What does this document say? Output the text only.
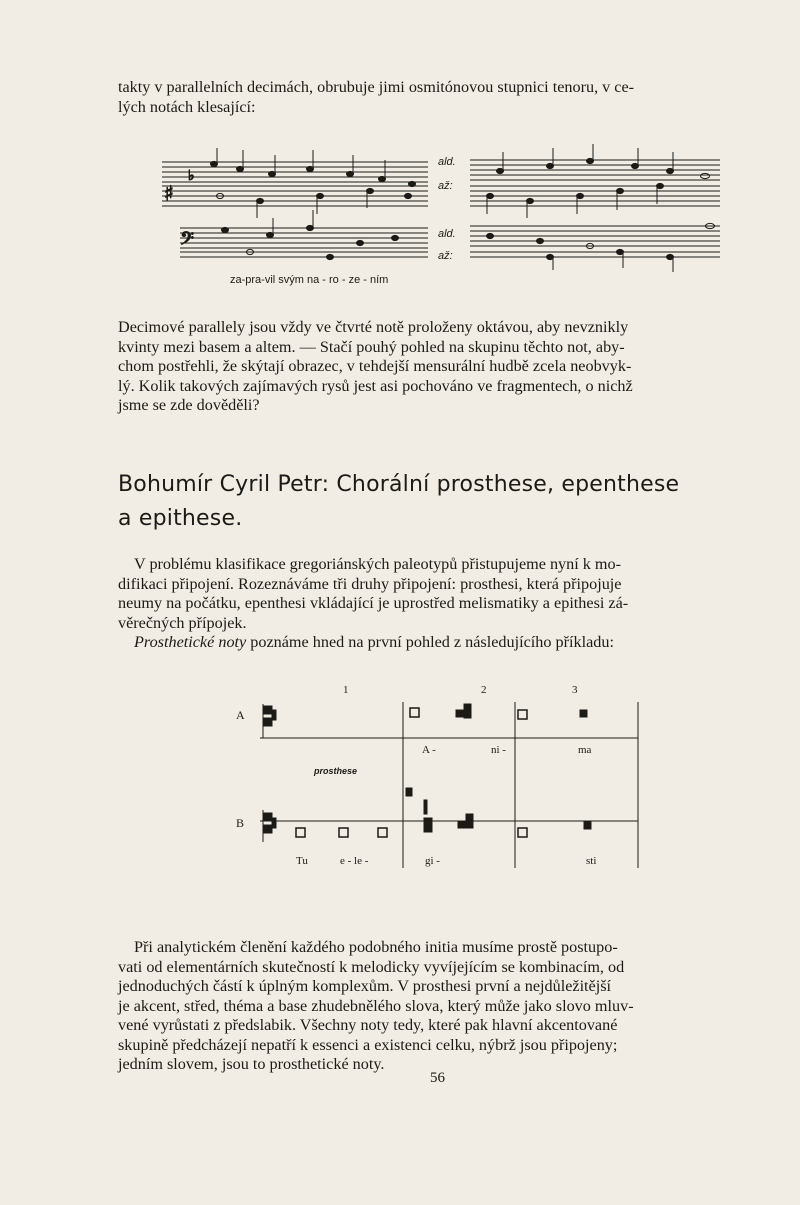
takty v parallelních decimách, obrubuje jimi osmitónovou stupnici tenoru, v ce-
lých notách klesající:
♯
♭
𝄢
ald.
až:
ald.
až:
za-pra-vil svým na - ro - ze - ním
Decimové parallely jsou vždy ve čtvrté notě proloženy oktávou, aby nevznikly
kvinty mezi basem a altem. — Stačí pouhý pohled na skupinu těchto not, aby-
chom postřehli, že skýtají obrazec, v tehdejší mensurální hudbě zcela neobvyk-
lý. Kolik takových zajímavých rysů jest asi pochováno ve fragmentech, o nichž
jsme se zde dověděli?
Bohumír Cyril Petr: Chorální prosthese, epenthese
a epithese.
V problému klasifikace gregoriánských paleotypů přistupujeme nyní k mo-
difikaci připojení. Rozeznáváme tři druhy připojení: prosthesi, která připojuje
neumy na počátku, epenthesi vkládající je uprostřed melismatiky a epithesi zá-
věrečných přípojek.
Prosthetické noty poznáme hned na první pohled z následujícího příkladu:
1	2	3
A
B
A -	ni -	ma
prosthese
Tu	e - le -	gi -	sti
Při analytickém členění každého podobného initia musíme prostě postupo-
vati od elementárních skutečností k melodicky vyvíjejícím se kombinacím, od
jednoduchých částí k úplným komplexům. V prosthesi první a nejdůležitější
je akcent, střed, théma a base zhudebnělého slova, který může jako slovo mluv-
vené vyrůstati z předslabik. Všechny noty tedy, které pak hlavní akcentované
skupině předcházejí nepatří k essenci a existenci celku, nýbrž jsou připojeny;
jedním slovem, jsou to prosthetické noty.
56
